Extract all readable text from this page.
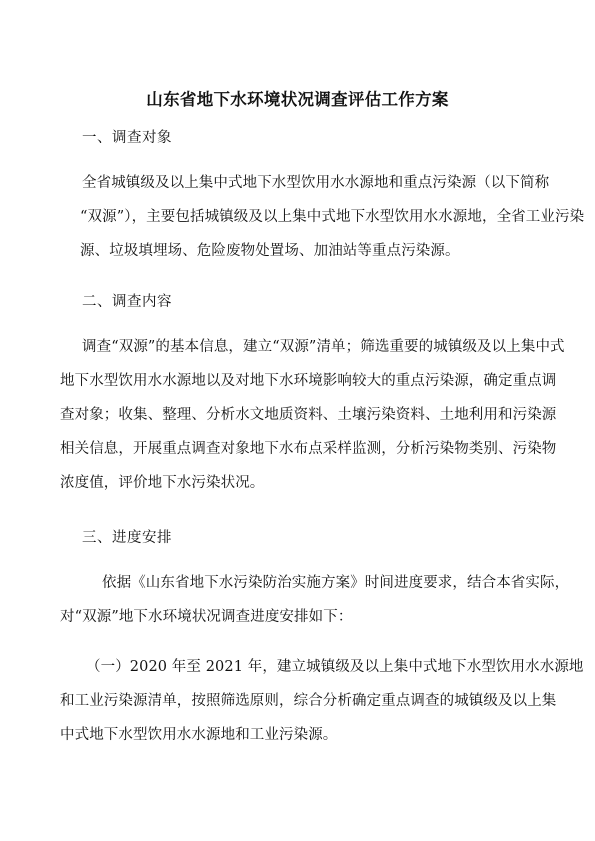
山东省地下水环境状况调查评估工作方案
一、调查对象
全省城镇级及以上集中式地下水型饮用水水源地和重点污染源（以下简称
“双源”），主要包括城镇级及以上集中式地下水型饮用水水源地，全省工业污染
源、垃圾填埋场、危险废物处置场、加油站等重点污染源。
二、调查内容
调查“双源”的基本信息，建立“双源”清单；筛选重要的城镇级及以上集中式
地下水型饮用水水源地以及对地下水环境影响较大的重点污染源，确定重点调
查对象；收集、整理、分析水文地质资料、土壤污染资料、土地利用和污染源
相关信息，开展重点调查对象地下水布点采样监测，分析污染物类别、污染物
浓度值，评价地下水污染状况。
三、进度安排
依据《山东省地下水污染防治实施方案》时间进度要求，结合本省实际，
对“双源”地下水环境状况调查进度安排如下：
（一）2020 年至 2021 年，建立城镇级及以上集中式地下水型饮用水水源地
和工业污染源清单，按照筛选原则，综合分析确定重点调查的城镇级及以上集
中式地下水型饮用水水源地和工业污染源。
